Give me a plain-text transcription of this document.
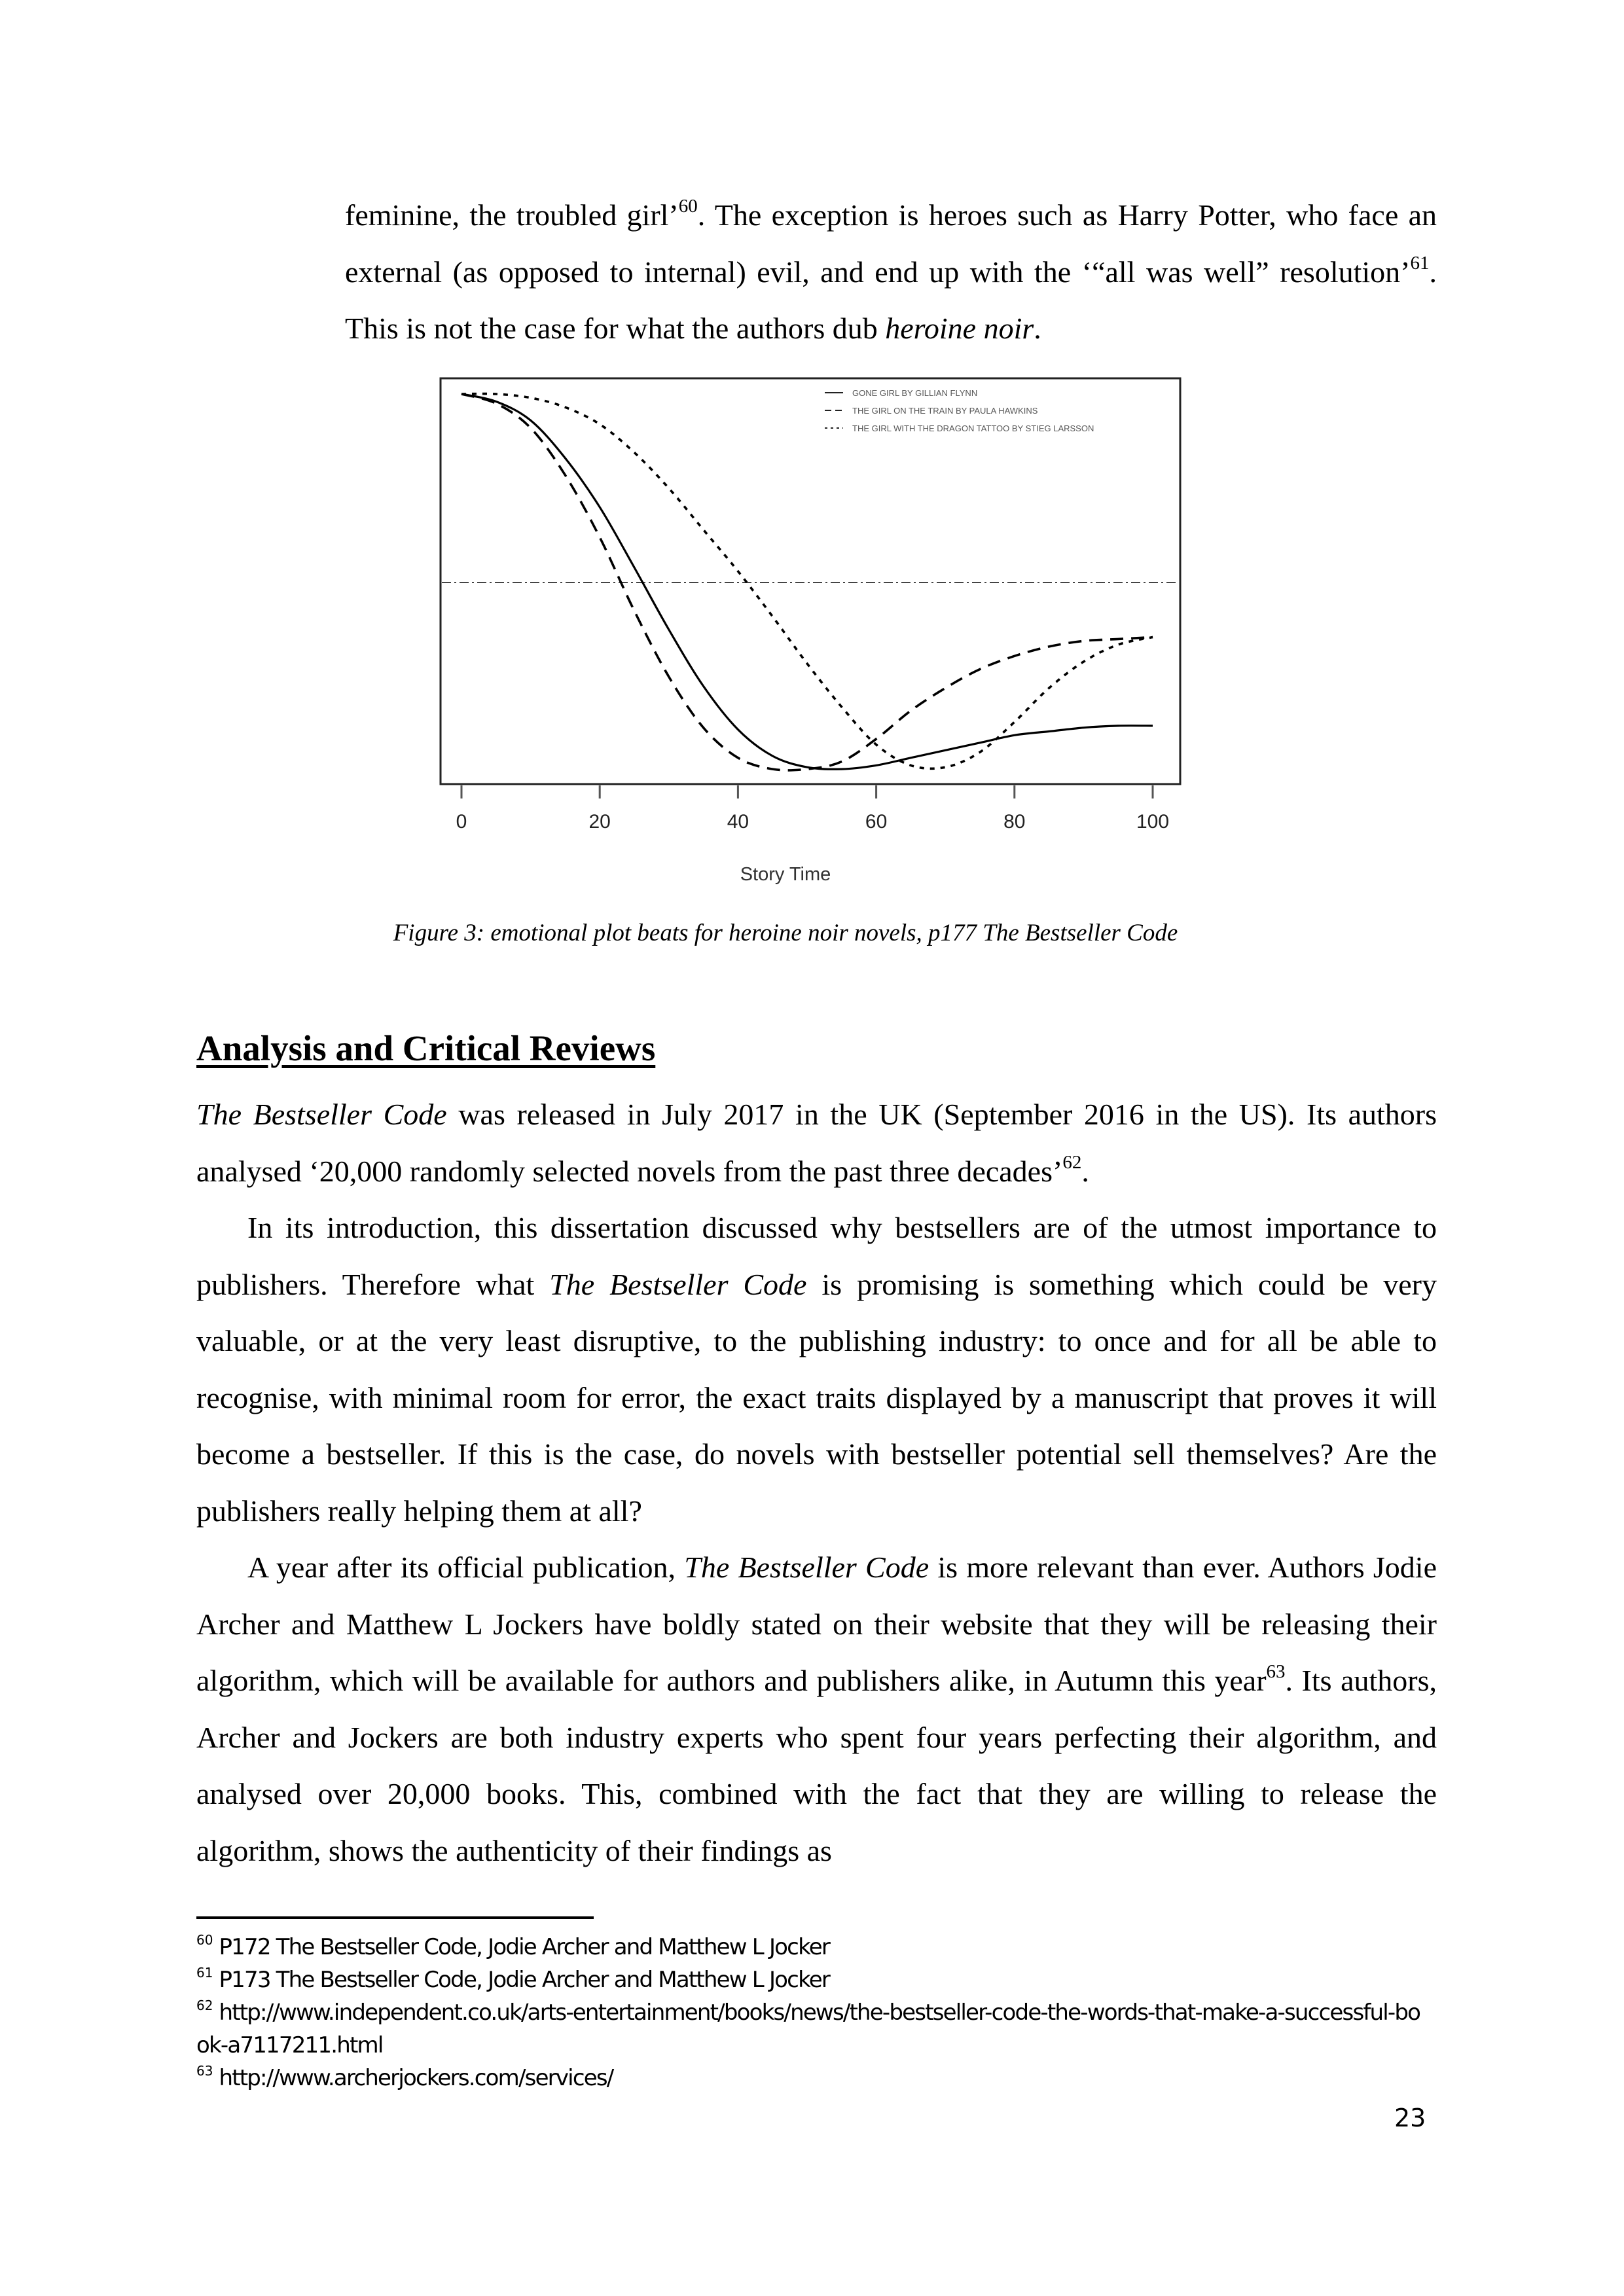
feminine, the troubled girl’$^{60}$. The exception is heroes such as Harry Potter, who face an external (as opposed to internal) evil, and end up with the ‘“all was well” resolution’$^{61}$. This is not the case for what the authors dub heroine noir.
0	20	40	60	80	100
GONE GIRL BY GILLIAN FLYNN
THE GIRL ON THE TRAIN BY PAULA HAWKINS
THE GIRL WITH THE DRAGON TATTOO BY STIEG LARSSON
Story Time
Figure 3: emotional plot beats for heroine noir novels, p177 The Bestseller Code
Analysis and Critical Reviews
The Bestseller Code was released in July 2017 in the UK (September 2016 in the US). Its authors analysed ‘20,000 randomly selected novels from the past three decades’$^{62}$.
In its introduction, this dissertation discussed why bestsellers are of the utmost importance to publishers. Therefore what The Bestseller Code is promising is something which could be very valuable, or at the very least disruptive, to the publishing industry: to once and for all be able to recognise, with minimal room for error, the exact traits displayed by a manuscript that proves it will become a bestseller. If this is the case, do novels with bestseller potential sell themselves? Are the publishers really helping them at all?
A year after its official publication, The Bestseller Code is more relevant than ever. Authors Jodie Archer and Matthew L Jockers have boldly stated on their website that they will be releasing their algorithm, which will be available for authors and publishers alike, in Autumn this year$^{63}$. Its authors, Archer and Jockers are both industry experts who spent four years perfecting their algorithm, and analysed over 20,000 books. This, combined with the fact that they are willing to release the algorithm, shows the authenticity of their findings as
$^{60}$ P172 The Bestseller Code, Jodie Archer and Matthew L Jocker
$^{61}$ P173 The Bestseller Code, Jodie Archer and Matthew L Jocker
$^{62}$ http://www.independent.co.uk/arts-entertainment/books/news/the-bestseller-code-the-words-that-make-a-successful-book-a7117211.html
$^{63}$ http://www.archerjockers.com/services/
23
